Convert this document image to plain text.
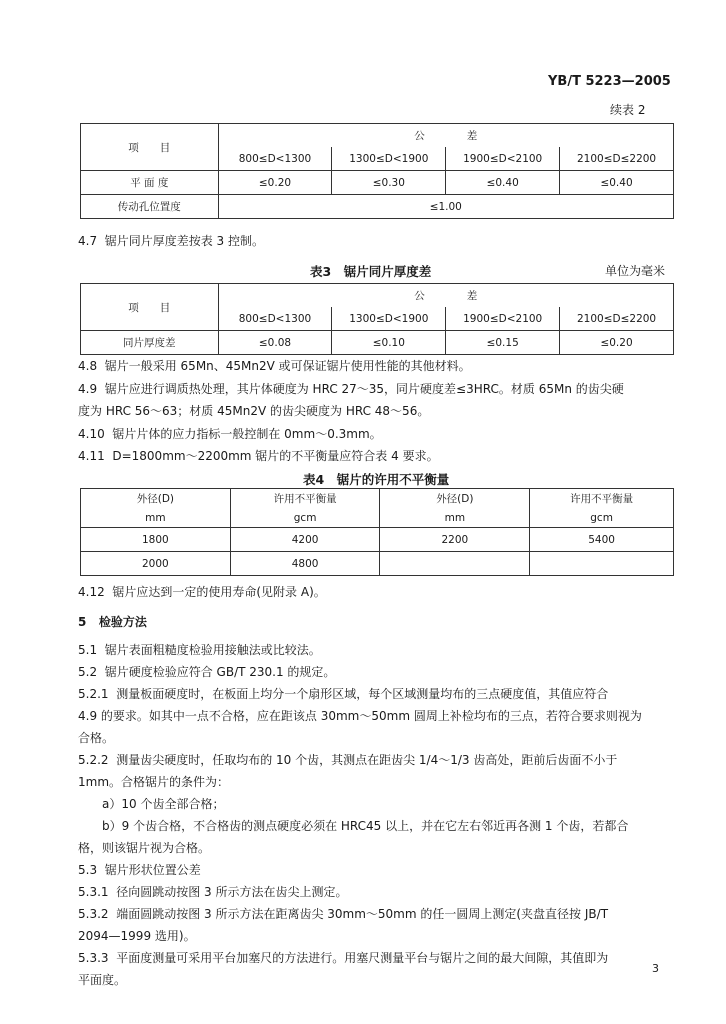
YB/T 5223—2005
续表 2
项　　目	公　　　　差			
	800≤D<1300	1300≤D<1900	1900≤D<2100	2100≤D≤2200
平 面 度	≤0.20	≤0.30	≤0.40	≤0.40
传动孔位置度	≤1.00			
4.7 锯片同片厚度差按表 3 控制。
表3　锯片同片厚度差	单位为毫米
项　　目	公　　　　差			
	800≤D<1300	1300≤D<1900	1900≤D<2100	2100≤D≤2200
同片厚度差	≤0.08	≤0.10	≤0.15	≤0.20
4.8 锯片一般采用 65Mn、45Mn2V 或可保证锯片使用性能的其他材料。
4.9 锯片应进行调质热处理，其片体硬度为 HRC 27～35，同片硬度差≤3HRC。材质 65Mn 的齿尖硬
度为 HRC 56～63；材质 45Mn2V 的齿尖硬度为 HRC 48～56。
4.10 锯片片体的应力指标一般控制在 0mm～0.3mm。
4.11 D=1800mm～2200mm 锯片的不平衡量应符合表 4 要求。
表4　锯片的许用不平衡量
外径(D)	许用不平衡量	外径(D)	许用不平衡量
mm	gcm	mm	gcm
1800	4200	2200	5400
2000	4800		
4.12 锯片应达到一定的使用寿命(见附录 A)。
5 检验方法
5.1 锯片表面粗糙度检验用接触法或比较法。
5.2 锯片硬度检验应符合 GB/T 230.1 的规定。
5.2.1 测量板面硬度时，在板面上均分一个扇形区域，每个区域测量均布的三点硬度值，其值应符合
4.9 的要求。如其中一点不合格，应在距该点 30mm～50mm 圆周上补检均布的三点，若符合要求则视为
合格。
5.2.2 测量齿尖硬度时，任取均布的 10 个齿，其测点在距齿尖 1/4～1/3 齿高处，距前后齿面不小于
1mm。合格锯片的条件为：
a）10 个齿全部合格；
b）9 个齿合格，不合格齿的测点硬度必须在 HRC45 以上，并在它左右邻近再各测 1 个齿，若都合
格，则该锯片视为合格。
5.3 锯片形状位置公差
5.3.1 径向圆跳动按图 3 所示方法在齿尖上测定。
5.3.2 端面圆跳动按图 3 所示方法在距离齿尖 30mm～50mm 的任一圆周上测定(夹盘直径按 JB/T
2094—1999 选用)。
5.3.3 平面度测量可采用平台加塞尺的方法进行。用塞尺测量平台与锯片之间的最大间隙，其值即为
平面度。
3
